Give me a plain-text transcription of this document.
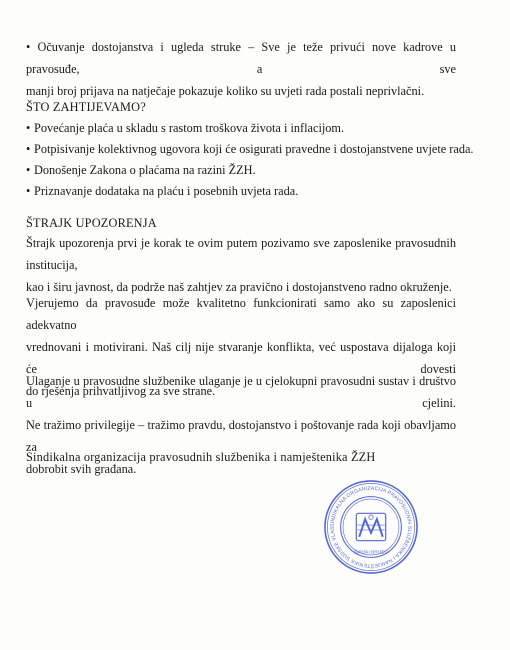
• Očuvanje dostojanstva i ugleda struke – Sve je teže privući nove kadrove u pravosuđe, a sve
manji broj prijava na natječaje pokazuje koliko su uvjeti rada postali neprivlačni.

ŠTO ZAHTIJEVAMO?

• Povećanje plaća u skladu s rastom troškova života i inflacijom.
• Potpisivanje kolektivnog ugovora koji će osigurati pravedne i dostojanstvene uvjete rada.
• Donošenje Zakona o plaćama na razini ŽZH.
• Priznavanje dodataka na plaću i posebnih uvjeta rada.

ŠTRAJK UPOZORENJA

Štrajk upozorenja prvi je korak te ovim putem pozivamo sve zaposlenike pravosudnih institucija,
kao i širu javnost, da podrže naš zahtjev za pravično i dostojanstveno radno okruženje.

Vjerujemo da pravosuđe može kvalitetno funkcionirati samo ako su zaposlenici adekvatno
vrednovani i motivirani. Naš cilj nije stvaranje konflikta, već uspostava dijaloga koji će dovesti
do rješenja prihvatljivog za sve strane.

Ulaganje u pravosudne službenike ulaganje je u cjelokupni pravosudni sustav i društvo u cjelini.
Ne tražimo privilegije – tražimo pravdu, dostojanstvo i poštovanje rada koji obavljamo za
dobrobit svih građana.

Sindikalna organizacija pravosudnih službenika i namještenika ŽZH

SINDIKALNA ORGANIZACIJA PRAVOSUDNIH SLUŽBENIKA I NAMJEŠTENIKA SUDSKE VLAS
ŠIROKI BRIJEG
